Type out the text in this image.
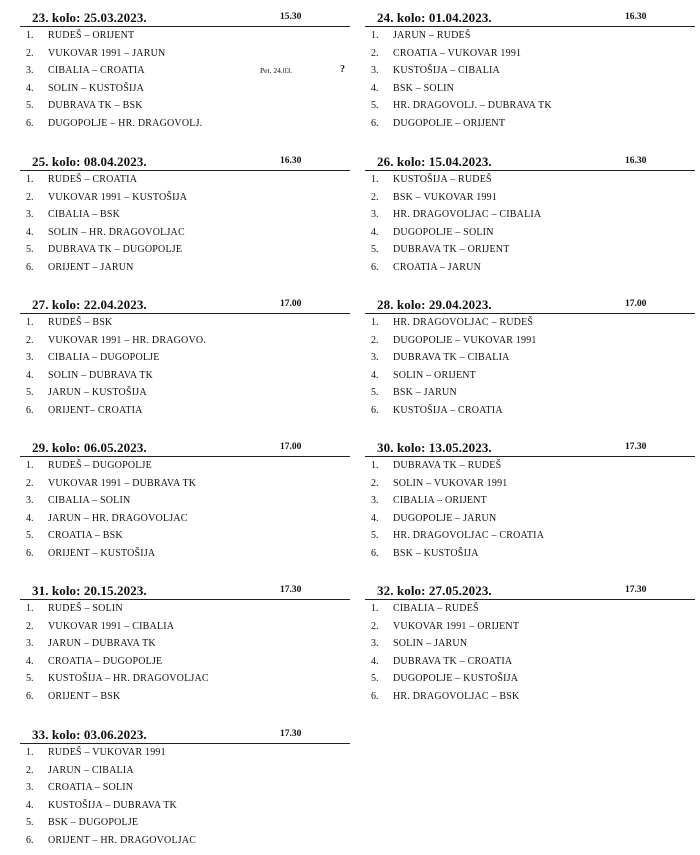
23. kolo: 25.03.2023.	15.30
1. RUDEŠ – ORIJENT
2. VUKOVAR 1991 – JARUN
3. CIBALIA – CROATIA	Pet. 24.03.	?
4. SOLIN – KUSTOŠIJA
5. DUBRAVA TK – BSK
6. DUGOPOLJE – HR. DRAGOVOLJ.
24. kolo: 01.04.2023.	16.30
1. JARUN – RUDEŠ
2. CROATIA – VUKOVAR 1991
3. KUSTOŠIJA – CIBALIA
4. BSK – SOLIN
5. HR. DRAGOVOLJ. – DUBRAVA TK
6. DUGOPOLJE – ORIJENT
25. kolo: 08.04.2023.	16.30
1. RUDEŠ – CROATIA
2. VUKOVAR 1991 – KUSTOŠIJA
3. CIBALIA – BSK
4. SOLIN – HR. DRAGOVOLJAC
5. DUBRAVA TK – DUGOPOLJE
6. ORIJENT – JARUN
26. kolo: 15.04.2023.	16.30
1. KUSTOŠIJA – RUDEŠ
2. BSK – VUKOVAR 1991
3. HR. DRAGOVOLJAC – CIBALIA
4. DUGOPOLJE – SOLIN
5. DUBRAVA TK – ORIJENT
6. CROATIA – JARUN
27. kolo: 22.04.2023.	17.00
1. RUDEŠ – BSK
2. VUKOVAR 1991 – HR. DRAGOVO.
3. CIBALIA – DUGOPOLJE
4. SOLIN – DUBRAVA TK
5. JARUN – KUSTOŠIJA
6. ORIJENT– CROATIA
28. kolo: 29.04.2023.	17.00
1. HR. DRAGOVOLJAC – RUDEŠ
2. DUGOPOLJE – VUKOVAR 1991
3. DUBRAVA TK – CIBALIA
4. SOLIN – ORIJENT
5. BSK – JARUN
6. KUSTOŠIJA – CROATIA
29. kolo: 06.05.2023.	17.00
1. RUDEŠ – DUGOPOLJE
2. VUKOVAR 1991 – DUBRAVA TK
3. CIBALIA – SOLIN
4. JARUN – HR. DRAGOVOLJAC
5. CROATIA – BSK
6. ORIJENT – KUSTOŠIJA
30. kolo: 13.05.2023.	17.30
1. DUBRAVA TK – RUDEŠ
2. SOLIN – VUKOVAR 1991
3. CIBALIA – ORIJENT
4. DUGOPOLJE – JARUN
5. HR. DRAGOVOLJAC – CROATIA
6. BSK – KUSTOŠIJA
31. kolo: 20.15.2023.	17.30
1. RUDEŠ – SOLIN
2. VUKOVAR 1991 – CIBALIA
3. JARUN – DUBRAVA TK
4. CROATIA – DUGOPOLJE
5. KUSTOŠIJA – HR. DRAGOVOLJAC
6. ORIJENT – BSK
32. kolo: 27.05.2023.	17.30
1. CIBALIA – RUDEŠ
2. VUKOVAR 1991 – ORIJENT
3. SOLIN – JARUN
4. DUBRAVA TK – CROATIA
5. DUGOPOLJE – KUSTOŠIJA
6. HR. DRAGOVOLJAC – BSK
33. kolo: 03.06.2023.	17.30
1. RUDEŠ – VUKOVAR 1991
2. JARUN – CIBALIA
3. CROATIA – SOLIN
4. KUSTOŠIJA – DUBRAVA TK
5. BSK – DUGOPOLJE
6. ORIJENT – HR. DRAGOVOLJAC
